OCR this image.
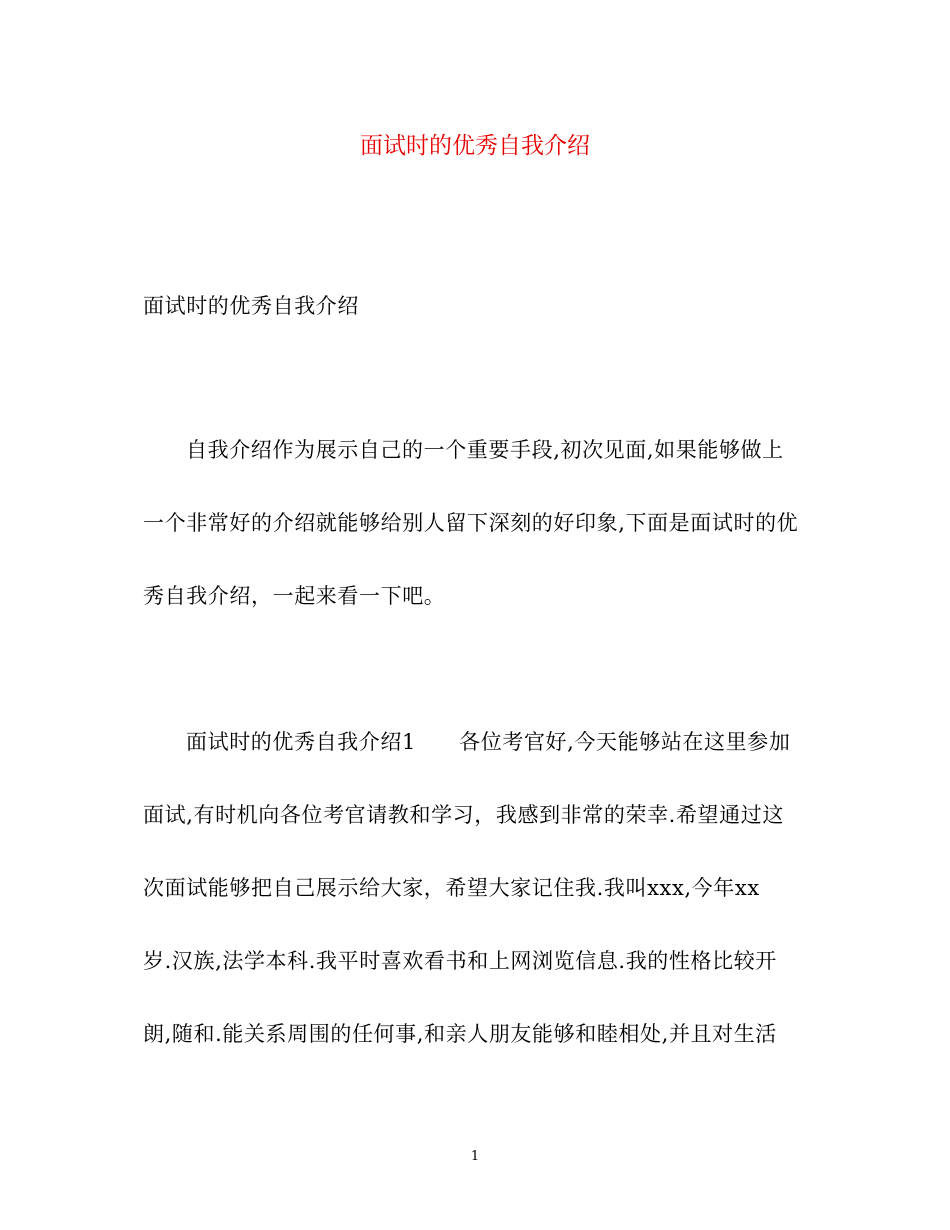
面试时的优秀自我介绍
面试时的优秀自我介绍
自我介绍作为展示自己的一个重要手段,初次见面,如果能够做上
一个非常好的介绍就能够给别人留下深刻的好印象,下面是面试时的优
秀自我介绍，一起来看一下吧。
面试时的优秀自我介绍1　　各位考官好,今天能够站在这里参加
面试,有时机向各位考官请教和学习，我感到非常的荣幸.希望通过这
次面试能够把自己展示给大家，希望大家记住我.我叫xxx,今年xx
岁.汉族,法学本科.我平时喜欢看书和上网浏览信息.我的性格比较开
朗,随和.能关系周围的任何事,和亲人朋友能够和睦相处,并且对生活
1
